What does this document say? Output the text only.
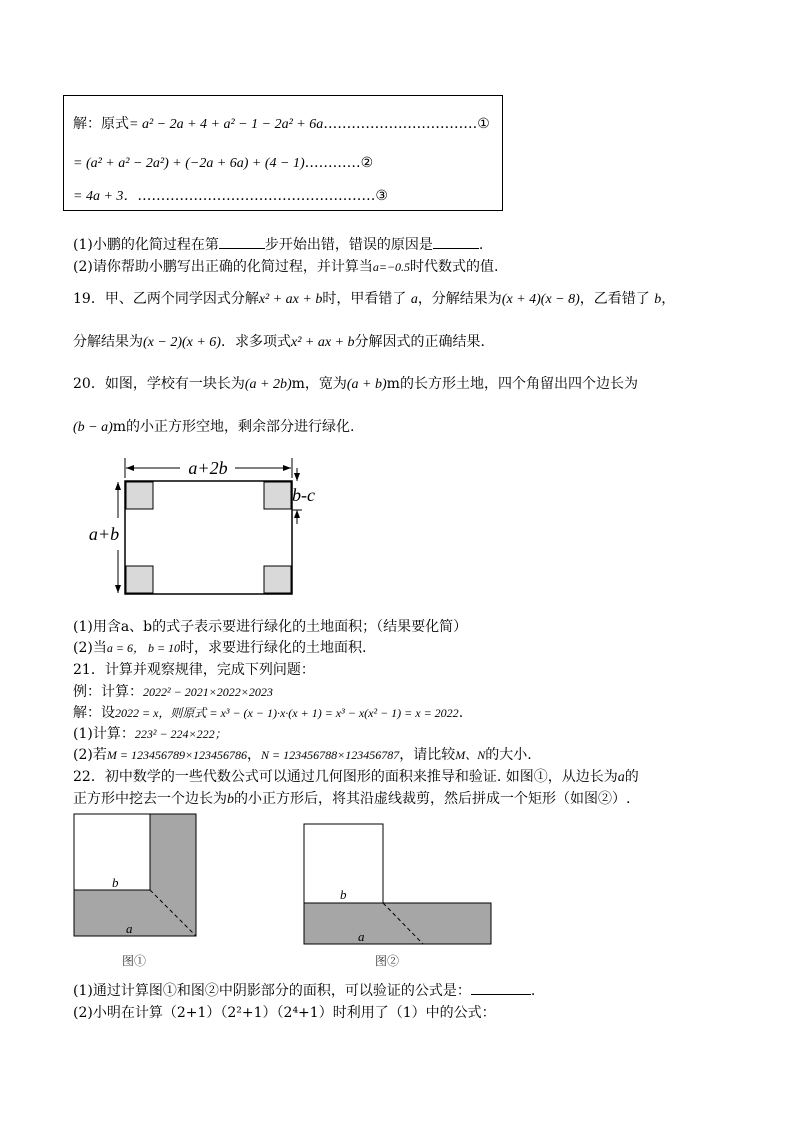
解：原式= a² − 2a + 4 + a² − 1 − 2a² + 6a……………………………①
= (a² + a² − 2a²) + (−2a + 6a) + (4 − 1)…………②
= 4a + 3．……………………………………………③
(1)小鹏的化简过程在第	步开始出错，错误的原因是	.
(2)请你帮助小鹏写出正确的化简过程，并计算当a=−0.5时代数式的值.
19．甲、乙两个同学因式分解x² + ax + b时，甲看错了 a，分解结果为(x + 4)(x − 8)，乙看错了 b，
分解结果为(x − 2)(x + 6)．求多项式x² + ax + b分解因式的正确结果.
20．如图，学校有一块长为(a + 2b)m，宽为(a + b)m的长方形土地，四个角留出四个边长为
(b − a)m的小正方形空地，剩余部分进行绿化.
a+2b
a+b
b-c
(1)用含a、b的式子表示要进行绿化的土地面积；（结果要化简）
(2)当a = 6， b = 10时，求要进行绿化的土地面积.
21．计算并观察规律，完成下列问题：
例：计算：2022² − 2021×2022×2023
解：设2022 = x，则原式 = x³ − (x − 1)·x·(x + 1) = x³ − x(x² − 1) = x = 2022.
(1)计算：223² − 224×222；
(2)若M = 123456789×123456786，N = 123456788×123456787，请比较M、N的大小.
22．初中数学的一些代数公式可以通过几何图形的面积来推导和验证. 如图①，从边长为a的
正方形中挖去一个边长为b的小正方形后，将其沿虚线裁剪，然后拼成一个矩形（如图②）.
b
a
图①
b
a
图②
(1)通过计算图①和图②中阴影部分的面积，可以验证的公式是：	.
(2)小明在计算（2+1）（2²+1）（2⁴+1）时利用了（1）中的公式：
